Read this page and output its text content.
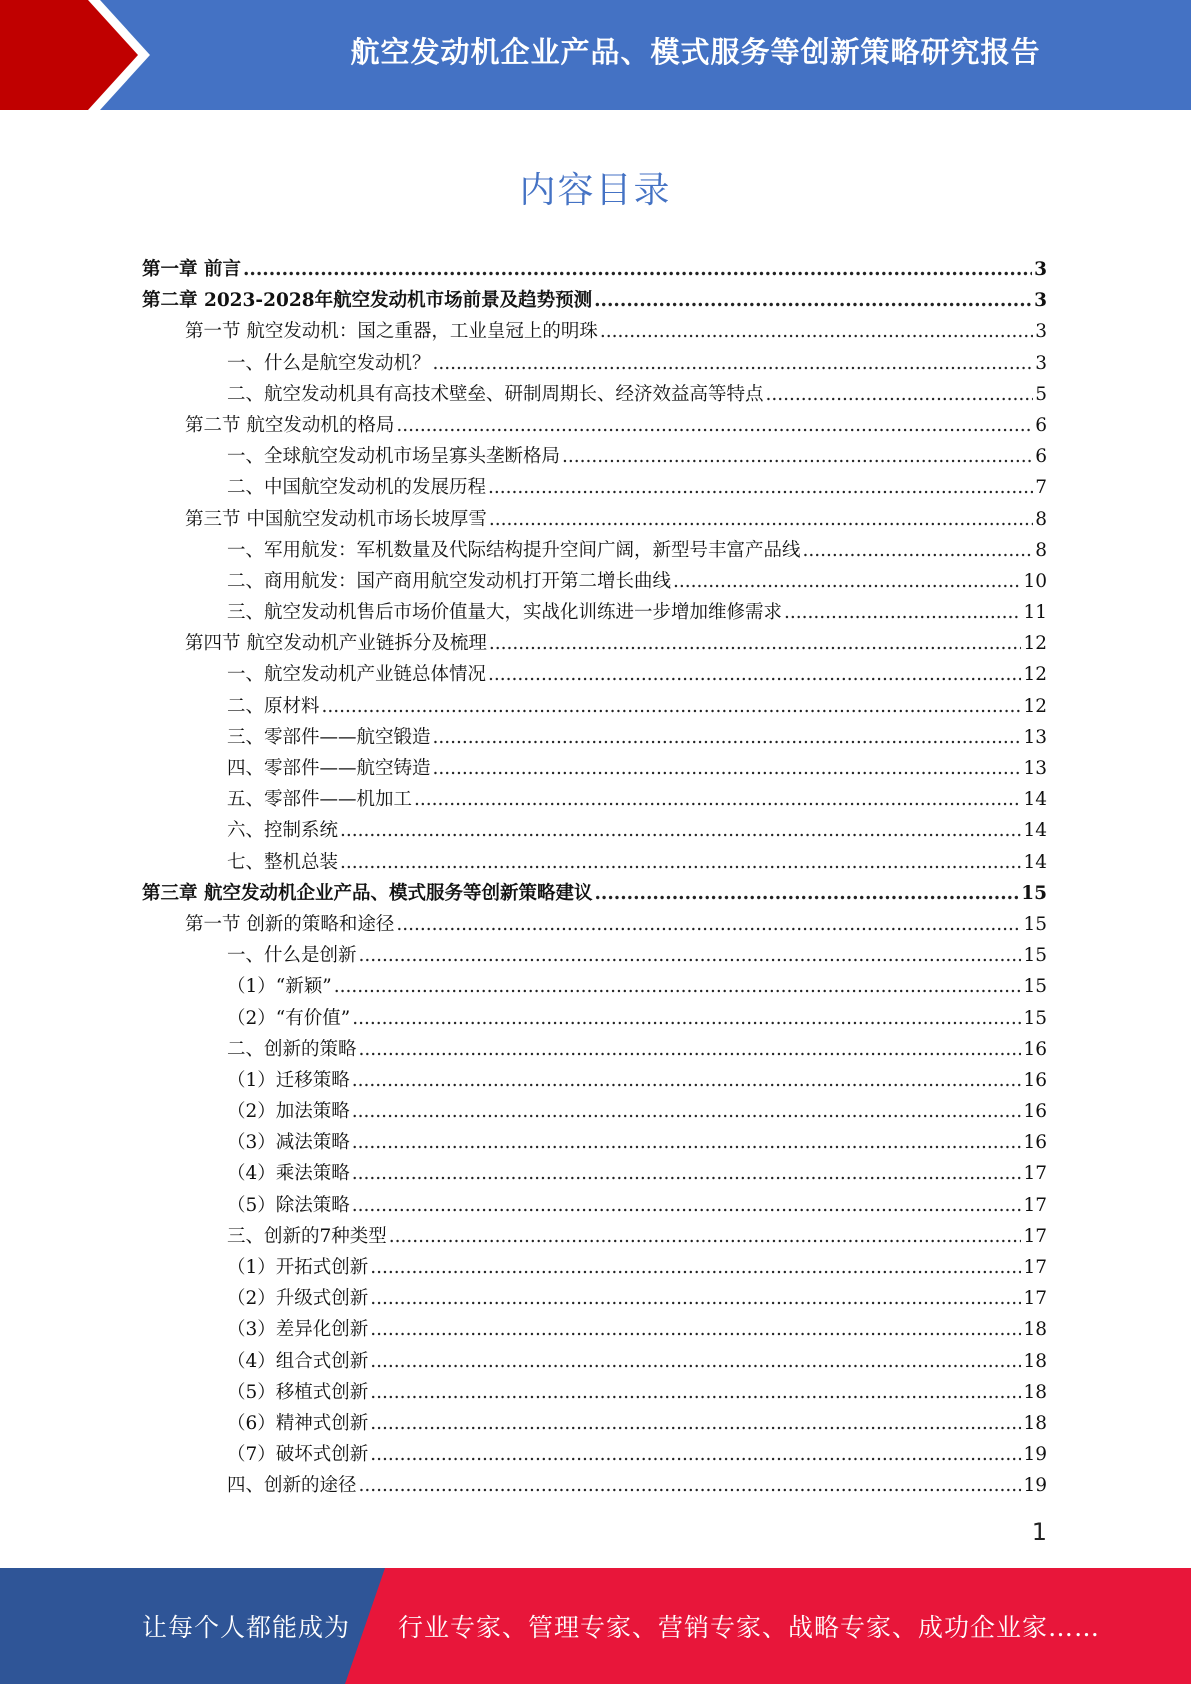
航空发动机企业产品、模式服务等创新策略研究报告
内容目录
第一章 前言 .....	3
第二章 2023-2028年航空发动机市场前景及趋势预测 .....	3
第一节 航空发动机：国之重器，工业皇冠上的明珠 .....	3
一、什么是航空发动机？ .....	3
二、航空发动机具有高技术壁垒、研制周期长、经济效益高等特点 .....	5
第二节 航空发动机的格局 .....	6
一、全球航空发动机市场呈寡头垄断格局 .....	6
二、中国航空发动机的发展历程 .....	7
第三节 中国航空发动机市场长坡厚雪 .....	8
一、军用航发：军机数量及代际结构提升空间广阔，新型号丰富产品线 .....	8
二、商用航发：国产商用航空发动机打开第二增长曲线 .....	10
三、航空发动机售后市场价值量大，实战化训练进一步增加维修需求 .....	11
第四节 航空发动机产业链拆分及梳理 .....	12
一、航空发动机产业链总体情况 .....	12
二、原材料 .....	12
三、零部件——航空锻造 .....	13
四、零部件——航空铸造 .....	13
五、零部件——机加工 .....	14
六、控制系统 .....	14
七、整机总装 .....	14
第三章 航空发动机企业产品、模式服务等创新策略建议 .....	15
第一节 创新的策略和途径 .....	15
一、什么是创新 .....	15
（1）“新颖” .....	15
（2）“有价值” .....	15
二、创新的策略 .....	16
（1）迁移策略 .....	16
（2）加法策略 .....	16
（3）减法策略 .....	16
（4）乘法策略 .....	17
（5）除法策略 .....	17
三、创新的7种类型 .....	17
（1）开拓式创新 .....	17
（2）升级式创新 .....	17
（3）差异化创新 .....	18
（4）组合式创新 .....	18
（5）移植式创新 .....	18
（6）精神式创新 .....	18
（7）破坏式创新 .....	19
四、创新的途径 .....	19
1
让每个人都能成为 行业专家、管理专家、营销专家、战略专家、成功企业家……
